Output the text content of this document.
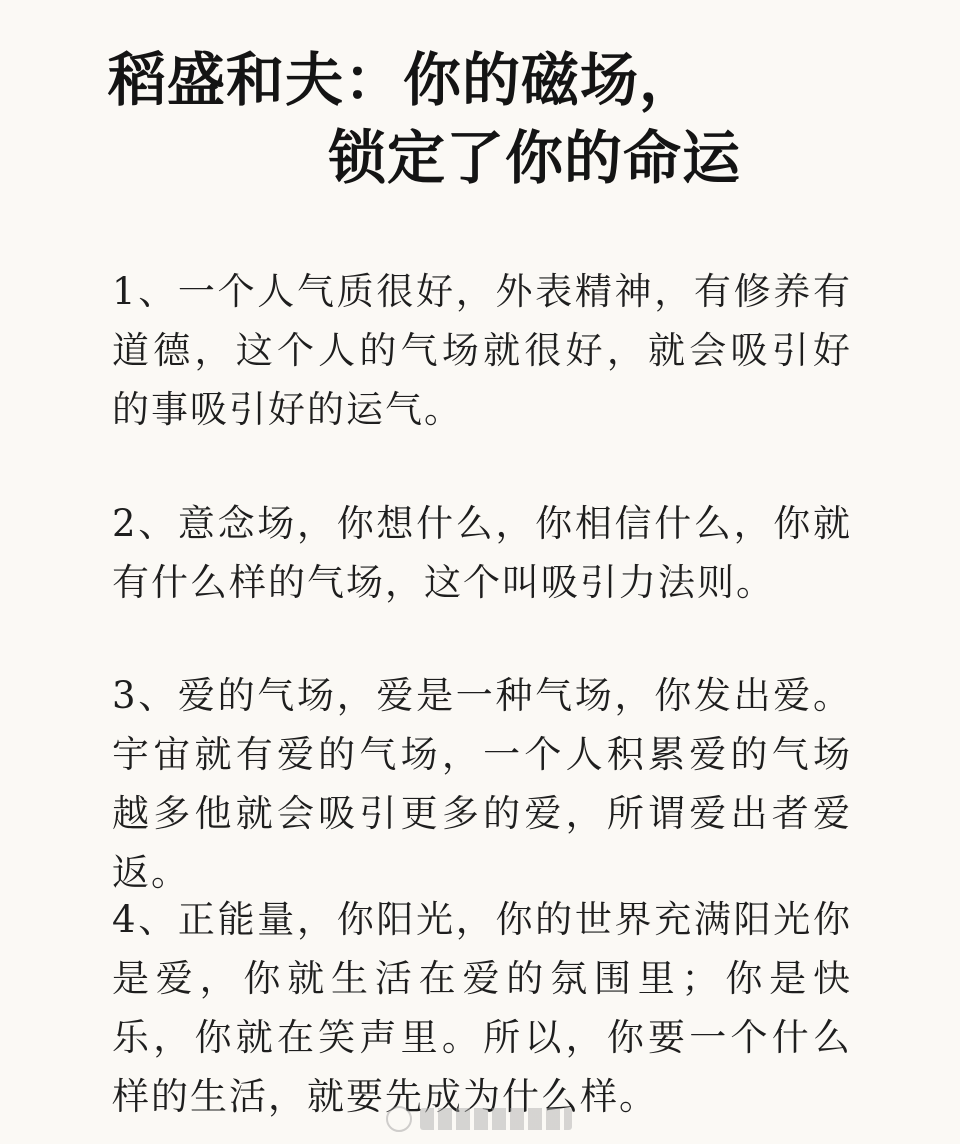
稻盛和夫：你的磁场，
锁定了你的命运
1、一个人气质很好，外表精神，有修养有道德，这个人的气场就很好，就会吸引好的事吸引好的运气。
2、意念场，你想什么，你相信什么，你就有什么样的气场，这个叫吸引力法则。
3、爱的气场，爱是一种气场，你发出爱。宇宙就有爱的气场，一个人积累爱的气场越多他就会吸引更多的爱，所谓爱出者爱返。
4、正能量，你阳光，你的世界充满阳光你是爱，你就生活在爱的氛围里；你是快乐，你就在笑声里。所以，你要一个什么样的生活，就要先成为什么样。
